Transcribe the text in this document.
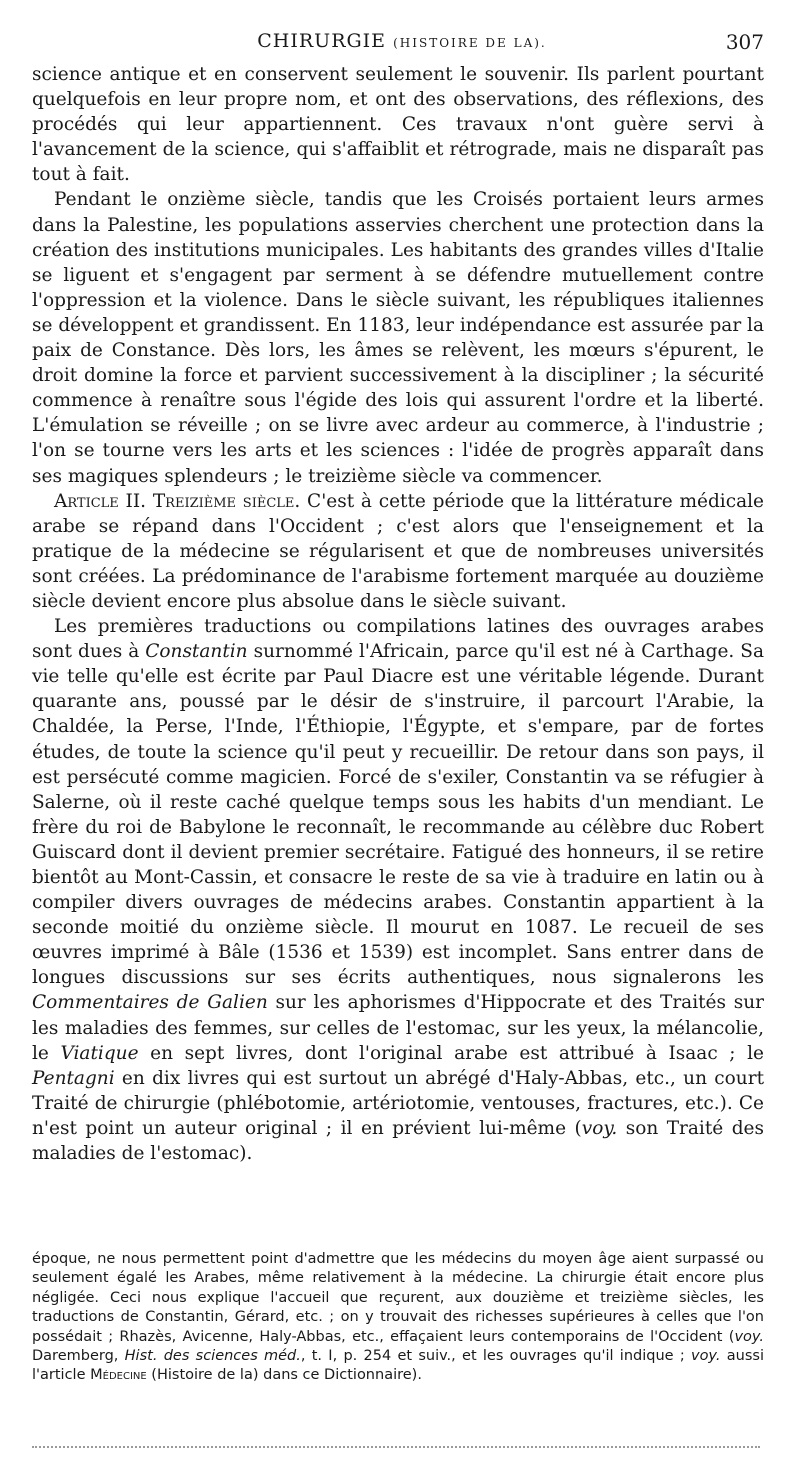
CHIRURGIE (HISTOIRE DE LA).	307

science antique et en conservent seulement le souvenir. Ils parlent pourtant quelquefois en leur propre nom, et ont des observations, des réflexions, des procédés qui leur appartiennent. Ces travaux n'ont guère servi à l'avancement de la science, qui s'affaiblit et rétrograde, mais ne disparaît pas tout à fait.

Pendant le onzième siècle, tandis que les Croisés portaient leurs armes dans la Palestine, les populations asservies cherchent une protection dans la création des institutions municipales. Les habitants des grandes villes d'Italie se liguent et s'engagent par serment à se défendre mutuellement contre l'oppression et la violence. Dans le siècle suivant, les républiques italiennes se développent et grandissent. En 1183, leur indépendance est assurée par la paix de Constance. Dès lors, les âmes se relèvent, les mœurs s'épurent, le droit domine la force et parvient successivement à la discipliner ; la sécurité commence à renaître sous l'égide des lois qui assurent l'ordre et la liberté. L'émulation se réveille ; on se livre avec ardeur au commerce, à l'industrie ; l'on se tourne vers les arts et les sciences : l'idée de progrès apparaît dans ses magiques splendeurs ; le treizième siècle va commencer.

Article II. Treizième siècle. C'est à cette période que la littérature médicale arabe se répand dans l'Occident ; c'est alors que l'enseignement et la pratique de la médecine se régularisent et que de nombreuses universités sont créées. La prédominance de l'arabisme fortement marquée au douzième siècle devient encore plus absolue dans le siècle suivant.

Les premières traductions ou compilations latines des ouvrages arabes sont dues à Constantin surnommé l'Africain, parce qu'il est né à Carthage. Sa vie telle qu'elle est écrite par Paul Diacre est une véritable légende. Durant quarante ans, poussé par le désir de s'instruire, il parcourt l'Arabie, la Chaldée, la Perse, l'Inde, l'Éthiopie, l'Égypte, et s'empare, par de fortes études, de toute la science qu'il peut y recueillir. De retour dans son pays, il est persécuté comme magicien. Forcé de s'exiler, Constantin va se réfugier à Salerne, où il reste caché quelque temps sous les habits d'un mendiant. Le frère du roi de Babylone le reconnaît, le recommande au célèbre duc Robert Guiscard dont il devient premier secrétaire. Fatigué des honneurs, il se retire bientôt au Mont-Cassin, et consacre le reste de sa vie à traduire en latin ou à compiler divers ouvrages de médecins arabes. Constantin appartient à la seconde moitié du onzième siècle. Il mourut en 1087. Le recueil de ses œuvres imprimé à Bâle (1536 et 1539) est incomplet. Sans entrer dans de longues discussions sur ses écrits authentiques, nous signalerons les Commentaires de Galien sur les aphorismes d'Hippocrate et des Traités sur les maladies des femmes, sur celles de l'estomac, sur les yeux, la mélancolie, le Viatique en sept livres, dont l'original arabe est attribué à Isaac ; le Pentagni en dix livres qui est surtout un abrégé d'Haly-Abbas, etc., un court Traité de chirurgie (phlébotomie, artériotomie, ventouses, fractures, etc.). Ce n'est point un auteur original ; il en prévient lui-même (voy. son Traité des maladies de l'estomac).

époque, ne nous permettent point d'admettre que les médecins du moyen âge aient surpassé ou seulement égalé les Arabes, même relativement à la médecine. La chirurgie était encore plus négligée. Ceci nous explique l'accueil que reçurent, aux douzième et treizième siècles, les traductions de Constantin, Gérard, etc. ; on y trouvait des richesses supérieures à celles que l'on possédait ; Rhazès, Avicenne, Haly-Abbas, etc., effaçaient leurs contemporains de l'Occident (voy. Daremberg, Hist. des sciences méd., t. I, p. 254 et suiv., et les ouvrages qu'il indique ; voy. aussi l'article Médecine (Histoire de la) dans ce Dictionnaire).
